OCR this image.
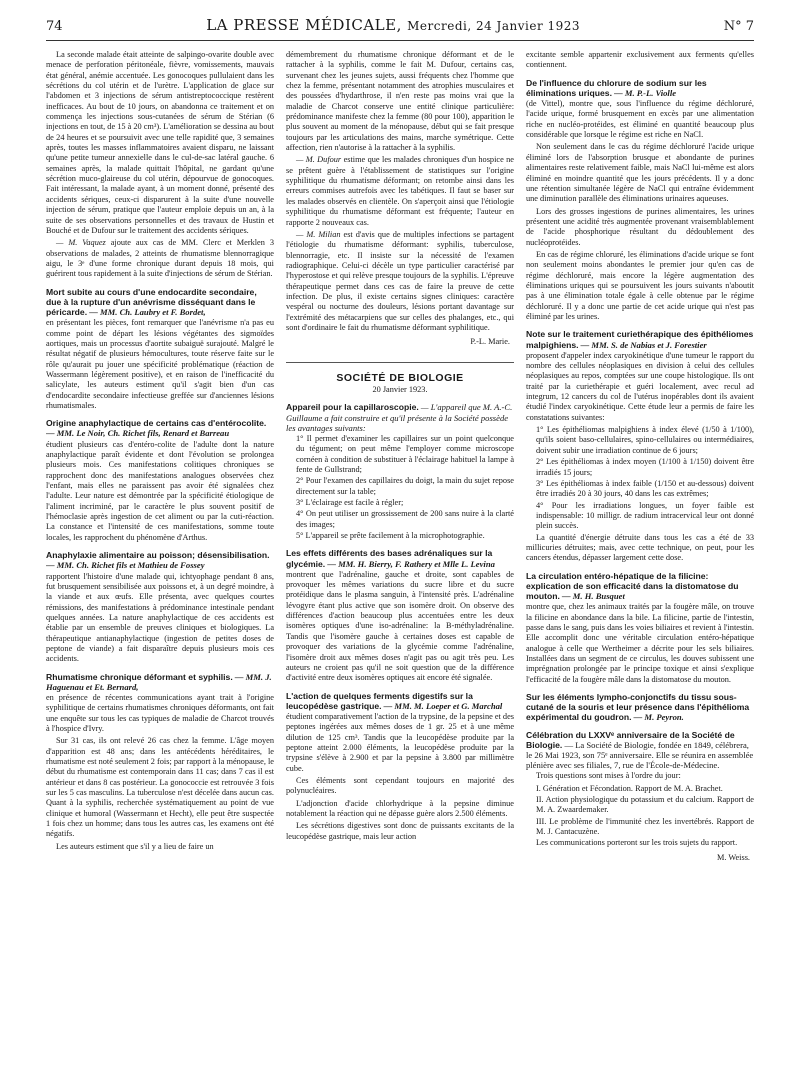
74	LA PRESSE MÉDICALE, Mercredi, 24 Janvier 1923	N° 7

La seconde malade était atteinte de salpingo-ovarite double avec menace de perforation péritonéale, fièvre, vomissements, mauvais état général, anémie accentuée. Les gonocoques pullulaient dans les sécrétions du col utérin et de l'urètre. L'application de glace sur l'abdomen et 3 injections de sérum antistreptococcique restèrent inefficaces. Au bout de 10 jours, on abandonna ce traitement et on commença les injections sous-cutanées de sérum de Stérian (6 injections en tout, de 15 à 20 cm³). L'amélioration se dessina au bout de 24 heures et se poursuivit avec une telle rapidité que, 3 semaines après, toutes les masses inflammatoires avaient disparu, ne laissant qu'une petite tumeur annexielle dans le cul-de-sac latéral gauche. 6 semaines après, la malade quittait l'hôpital, ne gardant qu'une sécrétion muco-glaireuse du col utérin, dépourvue de gonocoques. Fait intéressant, la malade ayant, à un moment donné, présenté des accidents sériques, ceux-ci disparurent à la suite d'une nouvelle injection de sérum, pratique que l'auteur emploie depuis un an, à la suite de ses observations personnelles et des travaux de Hustin et Bouché et de Dufour sur le traitement des accidents sériques.

— M. Vaquez ajoute aux cas de MM. Clerc et Merklen 3 observations de malades, 2 atteints de rhumatisme blennorragique aigu, le 3ᵉ d'une forme chronique durant depuis 18 mois, qui guérirent tous rapidement à la suite d'injections de sérum de Stérian.

Mort subite au cours d'une endocardite secondaire, due à la rupture d'un anévrisme disséquant dans le péricarde. — MM. Ch. Laubry et F. Bordet,

en présentant les pièces, font remarquer que l'anévrisme n'a pas eu comme point de départ les lésions végétantes des sigmoïdes aortiques, mais un processus d'aortite subaiguë surajouté. Malgré le résultat négatif de plusieurs hémocultures, toute réserve faite sur le rôle qu'aurait pu jouer une spécificité problématique (réaction de Wassermann légèrement positive), et en raison de l'inefficacité du salicylate, les auteurs estiment qu'il s'agit bien d'un cas d'endocardite secondaire infectieuse greffée sur d'anciennes lésions rhumatismales.

Origine anaphylactique de certains cas d'entérocolite. — MM. Le Noir, Ch. Richet fils, Renard et Barreau

étudient plusieurs cas d'entéro-colite de l'adulte dont la nature anaphylactique paraît évidente et dont l'évolution se prolongea plusieurs mois. Ces manifestations colitiques chroniques se rapprochent donc des manifestations analogues observées chez l'enfant, mais elles ne paraissent pas avoir été signalées chez l'adulte. Leur nature est démontrée par la spécificité étiologique de l'aliment incriminé, par le caractère le plus souvent positif de l'hémoclasie après ingestion de cet aliment ou par la cuti-réaction. La constance et l'intensité de ces manifestations, somme toute locales, les rapprochent du phénomène d'Arthus.

Anaphylaxie alimentaire au poisson; désensibilisation. — MM. Ch. Richet fils et Mathieu de Fossey

rapportent l'histoire d'une malade qui, ichtyophage pendant 8 ans, fut brusquement sensibilisée aux poissons et, à un degré moindre, à la viande et aux œufs. Elle présenta, avec quelques courtes rémissions, des manifestations à prédominance intestinale pendant quelques années. La nature anaphylactique de ces accidents est établie par un ensemble de preuves cliniques et biologiques. La thérapeutique antianaphylactique (ingestion de petites doses de peptone de viande) a fait disparaître depuis plusieurs mois ces accidents.

Rhumatisme chronique déformant et syphilis. — MM. J. Haguenau et Et. Bernard,

en présence de récentes communications ayant trait à l'origine syphilitique de certains rhumatismes chroniques déformants, ont fait une enquête sur tous les cas typiques de maladie de Charcot trouvés à l'hospice d'Ivry.

Sur 31 cas, ils ont relevé 26 cas chez la femme. L'âge moyen d'apparition est 48 ans; dans les antécédents héréditaires, le rhumatisme est noté seulement 2 fois; par rapport à la ménopause, le début du rhumatisme est contemporain dans 11 cas; dans 7 cas il est antérieur et dans 8 cas postérieur. La gonococcie est retrouvée 3 fois sur les 5 cas masculins. La tuberculose n'est décelée dans aucun cas. Quant à la syphilis, recherchée systématiquement au point de vue clinique et humoral (Wassermann et Hecht), elle peut être suspectée 1 fois chez un homme; dans tous les autres cas, les examens ont été négatifs.

Les auteurs estiment que s'il y a lieu de faire un

démembrement du rhumatisme chronique déformant et de le rattacher à la syphilis, comme le fait M. Dufour, certains cas, survenant chez les jeunes sujets, aussi fréquents chez l'homme que chez la femme, présentant notamment des atrophies musculaires et des poussées d'hydarthrose, il n'en reste pas moins vrai que la maladie de Charcot conserve une entité clinique particulière: prédominance manifeste chez la femme (80 pour 100), apparition le plus souvent au moment de la ménopause, début qui se fait presque toujours par les articulations des mains, marche symétrique. Cette affection, rien n'autorise à la rattacher à la syphilis.

— M. Dufour estime que les malades chroniques d'un hospice ne se prêtent guère à l'établissement de statistiques sur l'origine syphilitique du rhumatisme déformant; on retombe ainsi dans les erreurs commises autrefois avec les tabétiques. Il faut se baser sur les malades observés en clientèle. On s'aperçoit ainsi que l'étiologie syphilitique du rhumatisme déformant est fréquente; l'auteur en rapporte 2 nouveaux cas.

— M. Milian est d'avis que de multiples infections se partagent l'étiologie du rhumatisme déformant: syphilis, tuberculose, blennorragie, etc. Il insiste sur la nécessité de l'examen radiographique. Celui-ci décèle un type particulier caractérisé par l'hyperostose et qui relève presque toujours de la syphilis. L'épreuve thérapeutique permet dans ces cas de faire la preuve de cette infection. De plus, il existe certains signes cliniques: caractère vespéral ou nocturne des douleurs, lésions portant davantage sur l'extrémité des métacarpiens que sur celles des phalanges, etc., qui sont d'ordinaire le fait du rhumatisme déformant syphilitique.

P.-L. Marie.

SOCIÉTÉ DE BIOLOGIE

20 Janvier 1923.

Appareil pour la capillaroscopie. — L'appareil que M. A.-C. Guillaume a fait construire et qu'il présente à la Société possède les avantages suivants:

1° Il permet d'examiner les capillaires sur un point quelconque du tégument; on peut même l'employer comme microscope cornéen à condition de substituer à l'éclairage habituel la lampe à fente de Gullstrand;

2° Pour l'examen des capillaires du doigt, la main du sujet repose directement sur la table;

3° L'éclairage est facile à régler;

4° On peut utiliser un grossissement de 200 sans nuire à la clarté des images;

5° L'appareil se prête facilement à la microphotographie.

Les effets différents des bases adrénaliques sur la glycémie. — MM. H. Bierry, F. Rathery et Mlle L. Levina

montrent que l'adrénaline, gauche et droite, sont capables de provoquer les mêmes variations du sucre libre et du sucre protéidique dans le plasma sanguin, à l'intensité près. L'adrénaline lévogyre étant plus active que son isomère droit. On observe des différences d'action beaucoup plus accentuées entre les deux isomères optiques d'une iso-adrénaline: la B-méthyladrénaline. Tandis que l'isomère gauche à certaines doses est capable de provoquer des variations de la glycémie comme l'adrénaline, l'isomère droit aux mêmes doses n'agit pas ou agit très peu. Les auteurs ne croient pas qu'il ne soit question que de la différence d'activité entre deux isomères optiques ait encore été signalée.

L'action de quelques ferments digestifs sur la leucopédèse gastrique. — MM. M. Loeper et G. Marchal

étudient comparativement l'action de la trypsine, de la pepsine et des peptones ingérées aux mêmes doses de 1 gr. 25 et à une même dilution de 125 cm³. Tandis que la leucopédèse produite par la peptone atteint 2.000 éléments, la leucopédèse produite par la trypsine s'élève à 2.900 et par la pepsine à 3.800 par millimètre cube.

Ces éléments sont cependant toujours en majorité des polynucléaires.

L'adjonction d'acide chlorhydrique à la pepsine diminue notablement la réaction qui ne dépasse guère alors 2.500 éléments.

Les sécrétions digestives sont donc de puissants excitants de la leucopédèse gastrique, mais leur action

excitante semble appartenir exclusivement aux ferments qu'elles contiennent.

De l'influence du chlorure de sodium sur les éliminations uriques. — M. P.-L. Violle

(de Vittel), montre que, sous l'influence du régime déchloruré, l'acide urique, formé brusquement en excès par une alimentation riche en nucléo-protéides, est éliminé en quantité beaucoup plus considérable que lorsque le régime est riche en NaCl.

Non seulement dans le cas du régime déchloruré l'acide urique éliminé lors de l'absorption brusque et abondante de purines alimentaires reste relativement faible, mais NaCl lui-même est alors éliminé en moindre quantité que les jours précédents. Il y a donc une rétention simultanée légère de NaCl qui entraîne évidemment une diminution parallèle des éliminations urinaires aqueuses.

Lors des grosses ingestions de purines alimentaires, les urines présentent une acidité très augmentée provenant vraisemblablement de l'acide phosphorique résultant du dédoublement des nucléoprotéides.

En cas de régime chloruré, les éliminations d'acide urique se font non seulement moins abondantes le premier jour qu'en cas de régime déchloruré, mais encore la légère augmentation des éliminations uriques qui se poursuivent les jours suivants n'aboutit pas à une élimination totale égale à celle obtenue par le régime déchloruré. Il y a donc une partie de cet acide urique qui n'est pas éliminé par les urines.

Note sur le traitement curiethérapique des épithéliomes malpighiens. — MM. S. de Nabias et J. Forestier

proposent d'appeler index caryokinétique d'une tumeur le rapport du nombre des cellules néoplasiques en division à celui des cellules néoplasiques au repos, comptées sur une coupe histologique. Ils ont traité par la curiethérapie et guéri localement, avec recul ad integrum, 12 cancers du col de l'utérus inopérables dont ils avaient étudié l'index caryokinétique. Cette étude leur a permis de faire les constatations suivantes:

1° Les épithéliomas malpighiens à index élevé (1/50 à 1/100), qu'ils soient baso-cellulaires, spino-cellulaires ou intermédiaires, doivent subir une irradiation continue de 6 jours;

2° Les épithéliomas à index moyen (1/100 à 1/150) doivent être irradiés 15 jours;

3° Les épithéliomas à index faible (1/150 et au-dessous) doivent être irradiés 20 à 30 jours, 40 dans les cas extrêmes;

4° Pour les irradiations longues, un foyer faible est indispensable: 10 milligr. de radium intracervical leur ont donné plein succès.

La quantité d'énergie détruite dans tous les cas a été de 33 millicuries détruites; mais, avec cette technique, on peut, pour les cancers étendus, dépasser largement cette dose.

La circulation entéro-hépatique de la filicine: explication de son efficacité dans la distomatose du mouton. — M. H. Busquet

montre que, chez les animaux traités par la fougère mâle, on trouve la filicine en abondance dans la bile. La filicine, partie de l'intestin, passe dans le sang, puis dans les voies biliaires et revient à l'intestin. Elle accomplit donc une véritable circulation entéro-hépatique analogue à celle que Wertheimer a décrite pour les sels biliaires. Installées dans un segment de ce circulus, les douves subissent une imprégnation prolongée par le principe toxique et ainsi s'explique l'efficacité de la fougère mâle dans la distomatose du mouton.

Sur les éléments lympho-conjonctifs du tissu sous-cutané de la souris et leur présence dans l'épithélioma expérimental du goudron. — M. Peyron.
Célébration du LXXVᵉ anniversaire de la Société de Biologie. — La Société de Biologie, fondée en 1849, célébrera, le 26 Mai 1923, son 75ᵉ anniversaire. Elle se réunira en assemblée plénière avec ses filiales, 7, rue de l'École-de-Médecine.

Trois questions sont mises à l'ordre du jour:

I. Génération et Fécondation. Rapport de M. A. Brachet.

II. Action physiologique du potassium et du calcium. Rapport de M. A. Zwaardemaker.

III. Le problème de l'immunité chez les invertébrés. Rapport de M. J. Cantacuzène.

Les communications porteront sur les trois sujets du rapport.

M. Weiss.
